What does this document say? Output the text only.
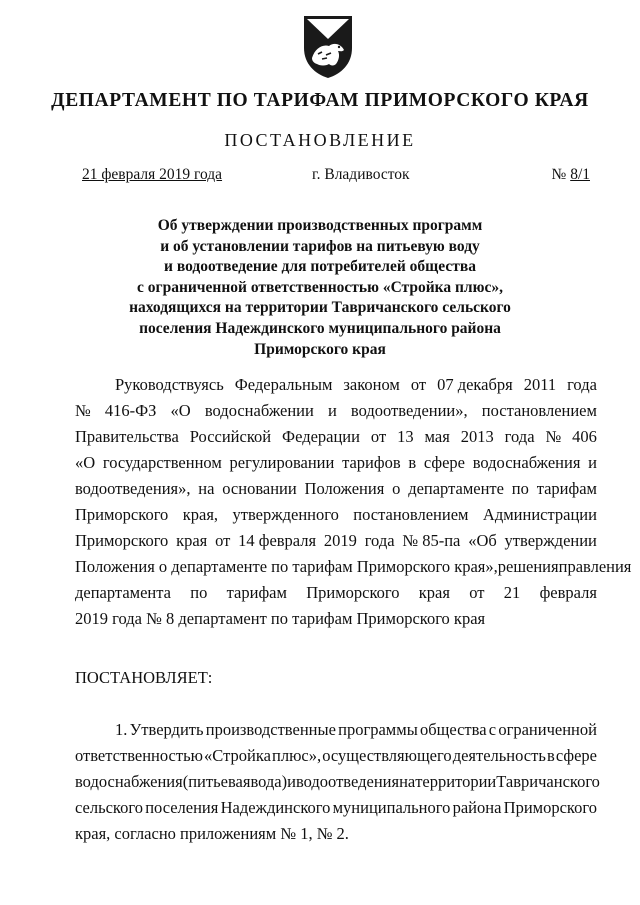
ДЕПАРТАМЕНТ ПО ТАРИФАМ ПРИМОРСКОГО КРАЯ
ПОСТАНОВЛЕНИЕ
21 февраля 2019 года	г. Владивосток	№ 8/1
Об утверждении производственных программ
и об установлении тарифов на питьевую воду
и водоотведение для потребителей общества
с ограниченной ответственностью «Стройка плюс»,
находящихся на территории Тавричанского сельского
поселения Надеждинского муниципального района
Приморского края
Руководствуясь Федеральным законом от 07 декабря 2011 года
№ 416-ФЗ «О водоснабжении и водоотведении», постановлением
Правительства Российской Федерации от 13 мая 2013 года № 406
«О государственном регулировании тарифов в сфере водоснабжения и
водоотведения», на основании Положения о департаменте по тарифам
Приморского края, утвержденного постановлением Администрации
Приморского края от 14 февраля 2019 года № 85-па «Об утверждении
Положения о департаменте по тарифам Приморского края», решения правления
департамента по тарифам Приморского края от 21 февраля
2019 года № 8 департамент по тарифам Приморского края
ПОСТАНОВЛЯЕТ:
1. Утвердить производственные программы общества с ограниченной
ответственностью «Стройка плюс», осуществляющего деятельность в сфере
водоснабжения (питьевая вода) и водоотведения на территории Тавричанского
сельского поселения Надеждинского муниципального района Приморского
края, согласно приложениям № 1, № 2.
